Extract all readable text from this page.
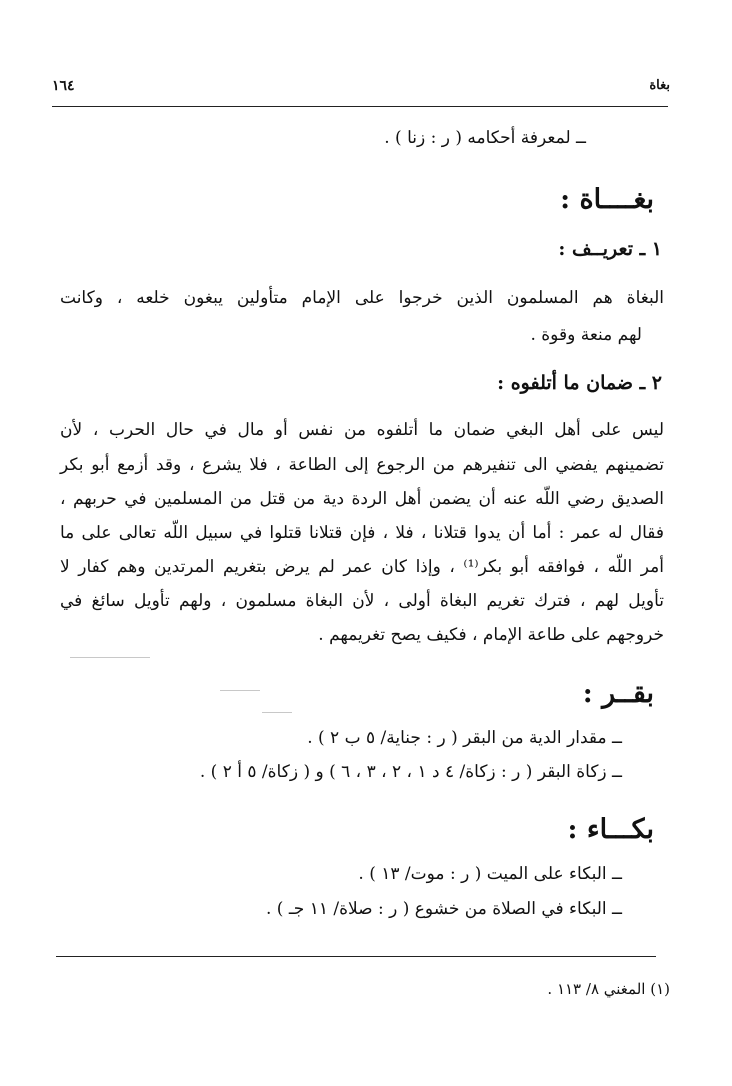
بغاة
١٦٤
ــ لمعرفة أحكامه ( ر : زنا ) .
بغــــاة :
١ ـ تعريــف :
البغاة هم المسلمون الذين خرجوا على الإمام متأولين يبغون خلعه ، وكانت
لهم منعة وقوة .
٢ ـ ضمان ما أتلفوه :
ليس على أهل البغي ضمان ما أتلفوه من نفس أو مال في حال الحرب ، لأن
تضمينهم يفضي الى تنفيرهم من الرجوع إلى الطاعة ، فلا يشرع ، وقد أزمع أبو بكر
الصديق رضي اللّه عنه أن يضمن أهل الردة دية من قتل من المسلمين في حربهم ،
فقال له عمر : أما أن يدوا قتلانا ، فلا ، فإن قتلانا قتلوا في سبيل اللّه تعالى على ما
أمر اللّه ، فوافقه أبو بكر⁽¹⁾ ، وإذا كان عمر لم يرض بتغريم المرتدين وهم كفار لا
تأويل لهم ، فترك تغريم البغاة أولى ، لأن البغاة مسلمون ، ولهم تأويل سائغ في
خروجهم على طاعة الإمام ، فكيف يصح تغريمهم .
بقــر :
ــ مقدار الدية من البقر ( ر : جناية/ ٥ ب ٢ ) .
ــ زكاة البقر ( ر : زكاة/ ٤ د ١ ، ٢ ، ٣ ، ٦ ) و ( زكاة/ ٥ أ ٢ ) .
بكـــاء :
ــ البكاء على الميت ( ر : موت/ ١٣ ) .
ــ البكاء في الصلاة من خشوع ( ر : صلاة/ ١١ جـ ) .
(١) المغني ٨/ ١١٣ .
